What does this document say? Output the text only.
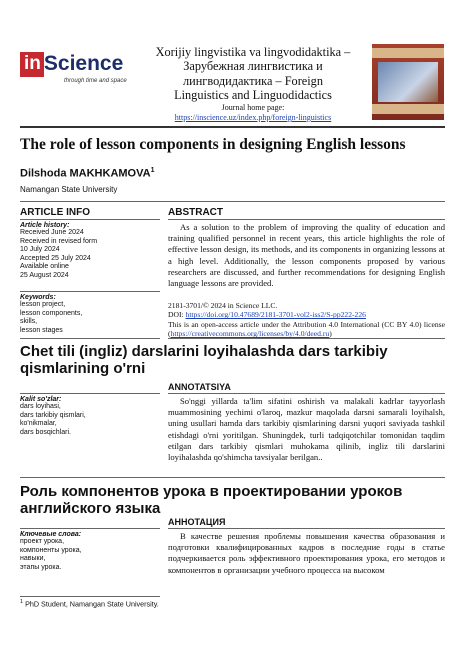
in Science
through time and space
Xorijiy lingvistika va lingvodidaktika –
Зарубежная лингвистика и
лингводидактика – Foreign
Linguistics and Linguodidactics
Journal home page:
https://inscience.uz/index.php/foreign-linguistics
The role of lesson components in designing English lessons
Dilshoda MAKHKAMOVA$^1$
Namangan State University
ARTICLE INFO	ABSTRACT
Article history:
Received June 2024
Received in revised form
10 July 2024
Accepted 25 July 2024
Available online
25 August 2024
Keywords:
lesson project,
lesson components,
skills,
lesson stages
As a solution to the problem of improving the quality of education and training qualified personnel in recent years, this article highlights the role of effective lesson design, its methods, and its components in organizing lessons at a high level. Additionally, the lesson components proposed by various researchers are discussed, and further recommendations for designing English language lessons are provided.
2181-3701/© 2024 in Science LLC.
DOI: https://doi.org/10.47689/2181-3701-vol2-iss2/S-pp222-226
This is an open-access article under the Attribution 4.0 International (CC BY 4.0) license (https://creativecommons.org/licenses/by/4.0/deed.ru)
Chet tili (ingliz) darslarini loyihalashda dars tarkibiy qismlarining o'rni
ANNOTATSIYA
Kalit so'zlar:
dars loyihasi,
dars tarkibiy qismlari,
ko'nikmalar,
dars bosqichlari.
So'nggi yillarda ta'lim sifatini oshirish va malakali kadrlar tayyorlash muammosining yechimi o'laroq, mazkur maqolada darsni samarali loyihalsh, uning usullari hamda dars tarkibiy qismlarining darsni yuqori saviyada tashkil etishdagi o'rni yoritilgan. Shuningdek, turli tadqiqotchilar tomonidan taqdim etilgan dars tarkibiy qismlari muhokama qilinib, ingliz tili darslarini loyihalashda qo'shimcha tavsiyalar berilgan..
Роль компонентов урока в проектировании уроков английского языка
АННОТАЦИЯ
Ключевые слова:
проект урока,
компоненты урока,
навыки,
этапы урока.
В качестве решения проблемы повышения качества образования и подготовки квалифицированных кадров в последние годы в статье подчеркивается роль эффективного проектирования урока, его методов и компонентов в организации учебного процесса на высоком
$^1$ PhD Student, Namangan State University.
